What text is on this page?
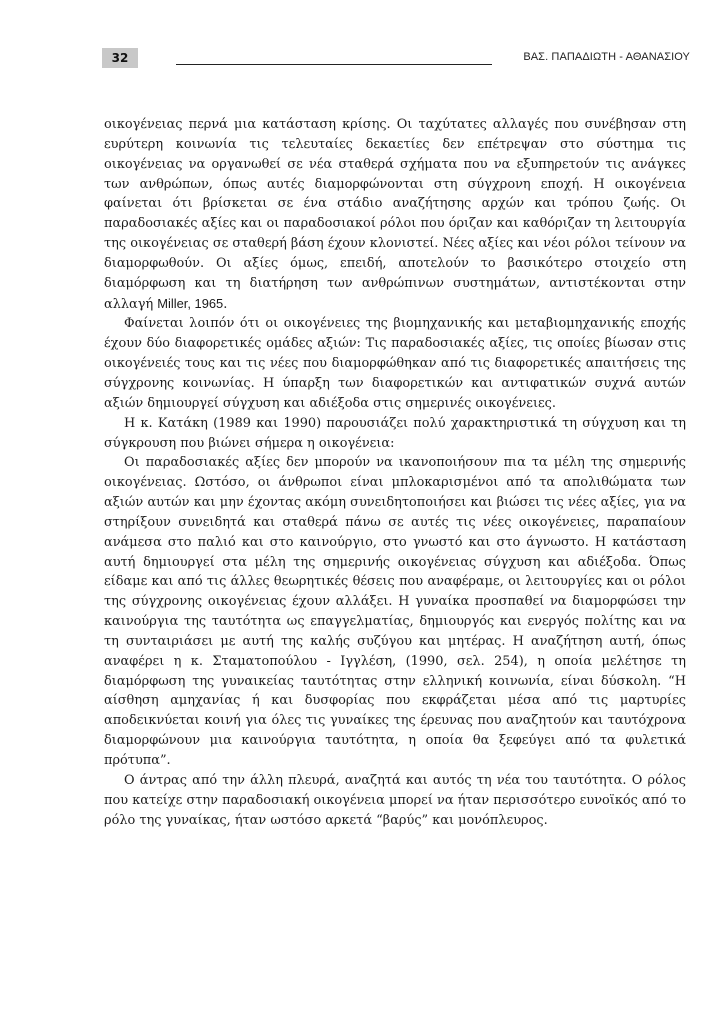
32	ΒΑΣ. ΠΑΠΑΔΙΩΤΗ - ΑΘΑΝΑΣΙΟΥ

οικογένειας περνά μια κατάσταση κρίσης. Οι ταχύτατες αλλαγές που συνέβησαν στη ευρύτερη κοινωνία τις τελευταίες δεκαετίες δεν επέτρεψαν στο σύστημα τις οικογένειας να οργανωθεί σε νέα σταθερά σχήματα που να εξυπηρετούν τις ανάγκες των ανθρώπων, όπως αυτές διαμορφώνονται στη σύγχρονη εποχή. Η οικογένεια φαίνεται ότι βρίσκεται σε ένα στάδιο αναζήτησης αρχών και τρόπου ζωής. Οι παραδοσιακές αξίες και οι παραδοσιακοί ρόλοι που όριζαν και καθόριζαν τη λειτουργία της οικογένειας σε σταθερή βάση έχουν κλονιστεί. Νέες αξίες και νέοι ρόλοι τείνουν να διαμορφωθούν. Οι αξίες όμως, επειδή, αποτελούν το βασικότερο στοιχείο στη διαμόρφωση και τη διατήρηση των ανθρώπινων συστημάτων, αντιστέκονται στην αλλαγή Miller, 1965.

Φαίνεται λοιπόν ότι οι οικογένειες της βιομηχανικής και μεταβιομηχανικής εποχής έχουν δύο διαφορετικές ομάδες αξιών: Τις παραδοσιακές αξίες, τις οποίες βίωσαν στις οικογένειές τους και τις νέες που διαμορφώθηκαν από τις διαφορετικές απαιτήσεις της σύγχρονης κοινωνίας. Η ύπαρξη των διαφορετικών και αντιφατικών συχνά αυτών αξιών δημιουργεί σύγχυση και αδιέξοδα στις σημερινές οικογένειες.

Η κ. Κατάκη (1989 και 1990) παρουσιάζει πολύ χαρακτηριστικά τη σύγχυση και τη σύγκρουση που βιώνει σήμερα η οικογένεια:

Οι παραδοσιακές αξίες δεν μπορούν να ικανοποιήσουν πια τα μέλη της σημερινής οικογένειας. Ωστόσο, οι άνθρωποι είναι μπλοκαρισμένοι από τα απολιθώματα των αξιών αυτών και μην έχοντας ακόμη συνειδητοποιήσει και βιώσει τις νέες αξίες, για να στηρίξουν συνειδητά και σταθερά πάνω σε αυτές τις νέες οικογένειες, παραπαίουν ανάμεσα στο παλιό και στο καινούργιο, στο γνωστό και στο άγνωστο. Η κατάσταση αυτή δημιουργεί στα μέλη της σημερινής οικογένειας σύγχυση και αδιέξοδα. Όπως είδαμε και από τις άλλες θεωρητικές θέσεις που αναφέραμε, οι λειτουργίες και οι ρόλοι της σύγχρονης οικογένειας έχουν αλλάξει. Η γυναίκα προσπαθεί να διαμορφώσει την καινούργια της ταυτότητα ως επαγγελματίας, δημιουργός και ενεργός πολίτης και να τη συνταιριάσει με αυτή της καλής συζύγου και μητέρας. Η αναζήτηση αυτή, όπως αναφέρει η κ. Σταματοπούλου - Ιγγλέση, (1990, σελ. 254), η οποία μελέτησε τη διαμόρφωση της γυναικείας ταυτότητας στην ελληνική κοινωνία, είναι δύσκολη. “Η αίσθηση αμηχανίας ή και δυσφορίας που εκφράζεται μέσα από τις μαρτυρίες αποδεικνύεται κοινή για όλες τις γυναίκες της έρευνας που αναζητούν και ταυτόχρονα διαμορφώνουν μια καινούργια ταυτότητα, η οποία θα ξεφεύγει από τα φυλετικά πρότυπα”.

Ο άντρας από την άλλη πλευρά, αναζητά και αυτός τη νέα του ταυτότητα. Ο ρόλος που κατείχε στην παραδοσιακή οικογένεια μπορεί να ήταν περισσότερο ευνοϊκός από το ρόλο της γυναίκας, ήταν ωστόσο αρκετά “βαρύς” και μονόπλευρος.
